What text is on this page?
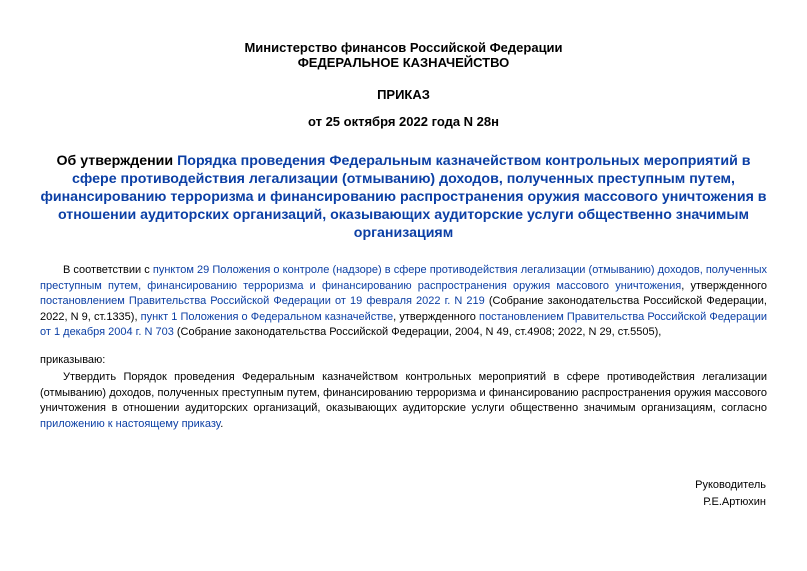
Министерство финансов Российской Федерации
ФЕДЕРАЛЬНОЕ КАЗНАЧЕЙСТВО
ПРИКАЗ
от 25 октября 2022 года N 28н
Об утверждении Порядка проведения Федеральным казначейством контрольных мероприятий в сфере противодействия легализации (отмыванию) доходов, полученных преступным путем, финансированию терроризма и финансированию распространения оружия массового уничтожения в отношении аудиторских организаций, оказывающих аудиторские услуги общественно значимым организациям
В соответствии с пунктом 29 Положения о контроле (надзоре) в сфере противодействия легализации (отмыванию) доходов, полученных преступным путем, финансированию терроризма и финансированию распространения оружия массового уничтожения, утвержденного постановлением Правительства Российской Федерации от 19 февраля 2022 г. N 219 (Собрание законодательства Российской Федерации, 2022, N 9, ст.1335), пункт 1 Положения о Федеральном казначействе, утвержденного постановлением Правительства Российской Федерации от 1 декабря 2004 г. N 703 (Собрание законодательства Российской Федерации, 2004, N 49, ст.4908; 2022, N 29, ст.5505),
приказываю:
Утвердить Порядок проведения Федеральным казначейством контрольных мероприятий в сфере противодействия легализации (отмыванию) доходов, полученных преступным путем, финансированию терроризма и финансированию распространения оружия массового уничтожения в отношении аудиторских организаций, оказывающих аудиторские услуги общественно значимым организациям, согласно приложению к настоящему приказу.
Руководитель
Р.Е.Артюхин
